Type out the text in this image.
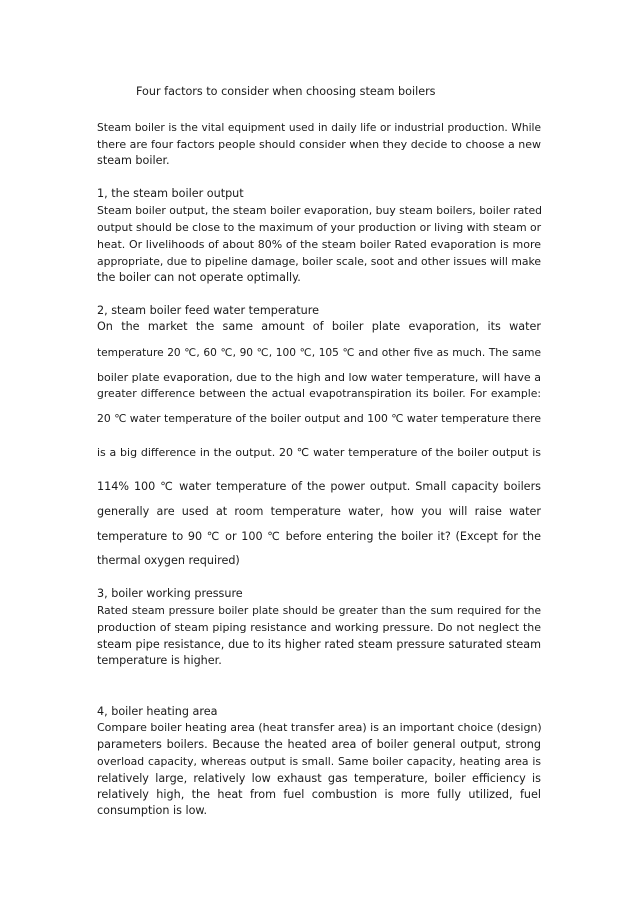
Four factors to consider when choosing steam boilers
Steam boiler is the vital equipment used in daily life or industrial production. While
there are four factors people should consider when they decide to choose a new
steam boiler.
1, the steam boiler output
Steam boiler output, the steam boiler evaporation, buy steam boilers, boiler rated
output should be close to the maximum of your production or living with steam or
heat. Or livelihoods of about 80% of the steam boiler Rated evaporation is more
appropriate, due to pipeline damage, boiler scale, soot and other issues will make
the boiler can not operate optimally.
2, steam boiler feed water temperature
On the market the same amount of boiler plate evaporation, its water
temperature 20 ℃, 60 ℃, 90 ℃, 100 ℃, 105 ℃ and other five as much. The same
boiler plate evaporation, due to the high and low water temperature, will have a
greater difference between the actual evapotranspiration its boiler. For example:
20 ℃ water temperature of the boiler output and 100 ℃ water temperature there
is a big difference in the output. 20 ℃ water temperature of the boiler output is
114% 100 ℃ water temperature of the power output. Small capacity boilers
generally are used at room temperature water, how you will raise water
temperature to 90 ℃ or 100 ℃ before entering the boiler it? (Except for the
thermal oxygen required)
3, boiler working pressure
Rated steam pressure boiler plate should be greater than the sum required for the
production of steam piping resistance and working pressure. Do not neglect the
steam pipe resistance, due to its higher rated steam pressure saturated steam
temperature is higher.
4, boiler heating area
Compare boiler heating area (heat transfer area) is an important choice (design)
parameters boilers. Because the heated area of boiler general output, strong
overload capacity, whereas output is small. Same boiler capacity, heating area is
relatively large, relatively low exhaust gas temperature, boiler efficiency is
relatively high, the heat from fuel combustion is more fully utilized, fuel
consumption is low.
